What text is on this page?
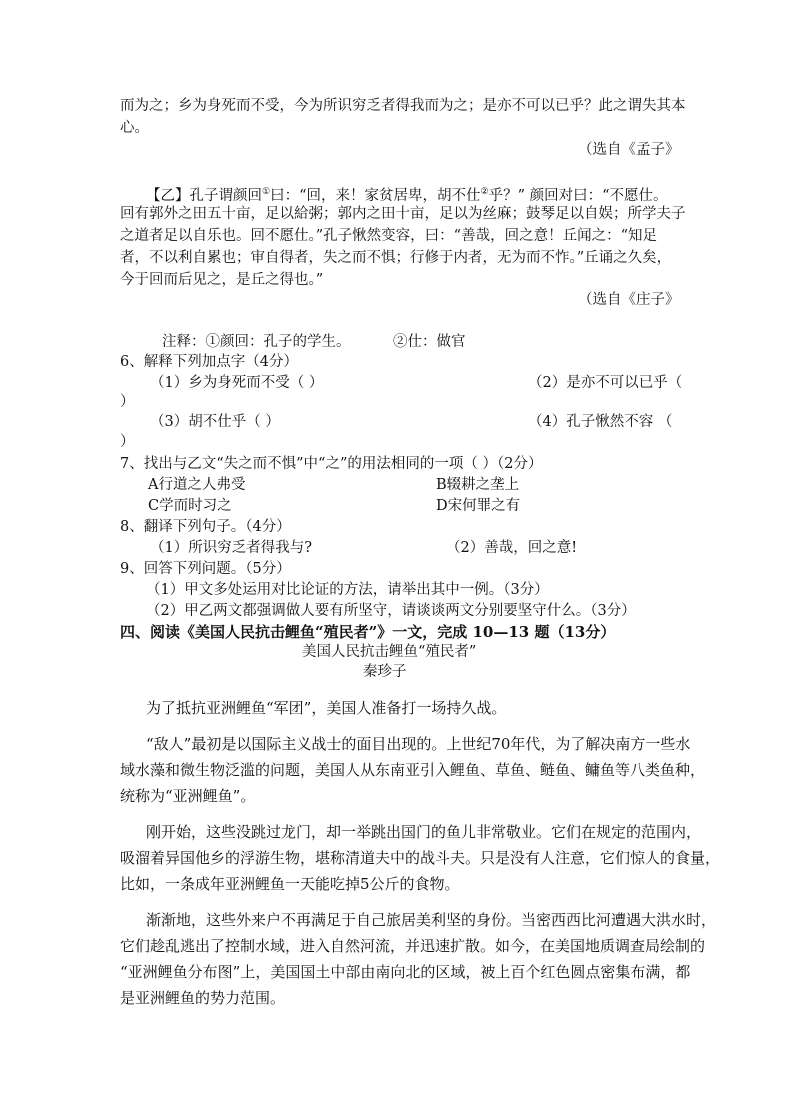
而为之；乡为身死而不受，今为所识穷乏者得我而为之；是亦不可以已乎？此之谓失其本
心。
（选自《孟子》
【乙】孔子谓颜回①曰：“回，来！家贫居卑，胡不仕②乎？” 颜回对曰：“不愿仕。
回有郭外之田五十亩，足以給粥；郭内之田十亩，足以为丝麻；鼓琴足以自娱；所学夫子
之道者足以自乐也。回不愿仕。”孔子愀然变容，曰：“善哉，回之意！丘闻之：“知足
者，不以利自累也；审自得者，失之而不惧；行修于内者，无为而不怍。”丘诵之久矣，
今于回而后见之，是丘之得也。”
（选自《庄子》
注释：①颜回：孔子的学生。	②仕：做官
6、解释下列加点字（4分）
（1）乡为身死而不受（ ）	（2）是亦不可以已乎（
）
（3）胡不仕乎（ ）	（4）孔子愀然不容 （
）
7、找出与乙文“失之而不惧”中“之”的用法相同的一项（ ）（2分）
A行道之人弗受	B辍耕之垄上
C学而时习之	D宋何罪之有
8、翻译下列句子。（4分）
（1）所识穷乏者得我与?	（2）善哉，回之意!
9、回答下列问题。（5分）
（1）甲文多处运用对比论证的方法，请举出其中一例。（3分）
（2）甲乙两文都强调做人要有所坚守，请谈谈两文分别要坚守什么。（3分）
四、阅读《美国人民抗击鲤鱼“殖民者”》一文，完成 10—13 题（13分）
美国人民抗击鲤鱼“殖民者”
秦珍子
为了抵抗亚洲鲤鱼“军团”，美国人准备打一场持久战。
“敌人”最初是以国际主义战士的面目出现的。上世纪70年代，为了解决南方一些水
域水藻和微生物泛滥的问题，美国人从东南亚引入鲤鱼、草鱼、鲢鱼、鳙鱼等八类鱼种，
统称为“亚洲鲤鱼”。
刚开始，这些没跳过龙门，却一举跳出国门的鱼儿非常敬业。它们在规定的范围内，
吸溜着异国他乡的浮游生物，堪称清道夫中的战斗夫。只是没有人注意，它们惊人的食量，
比如，一条成年亚洲鲤鱼一天能吃掉5公斤的食物。
渐渐地，这些外来户不再满足于自己旅居美利坚的身份。当密西西比河遭遇大洪水时，
它们趁乱逃出了控制水域，进入自然河流，并迅速扩散。如今，在美国地质调查局绘制的
“亚洲鲤鱼分布图”上，美国国土中部由南向北的区域，被上百个红色圆点密集布满，都
是亚洲鲤鱼的势力范围。
